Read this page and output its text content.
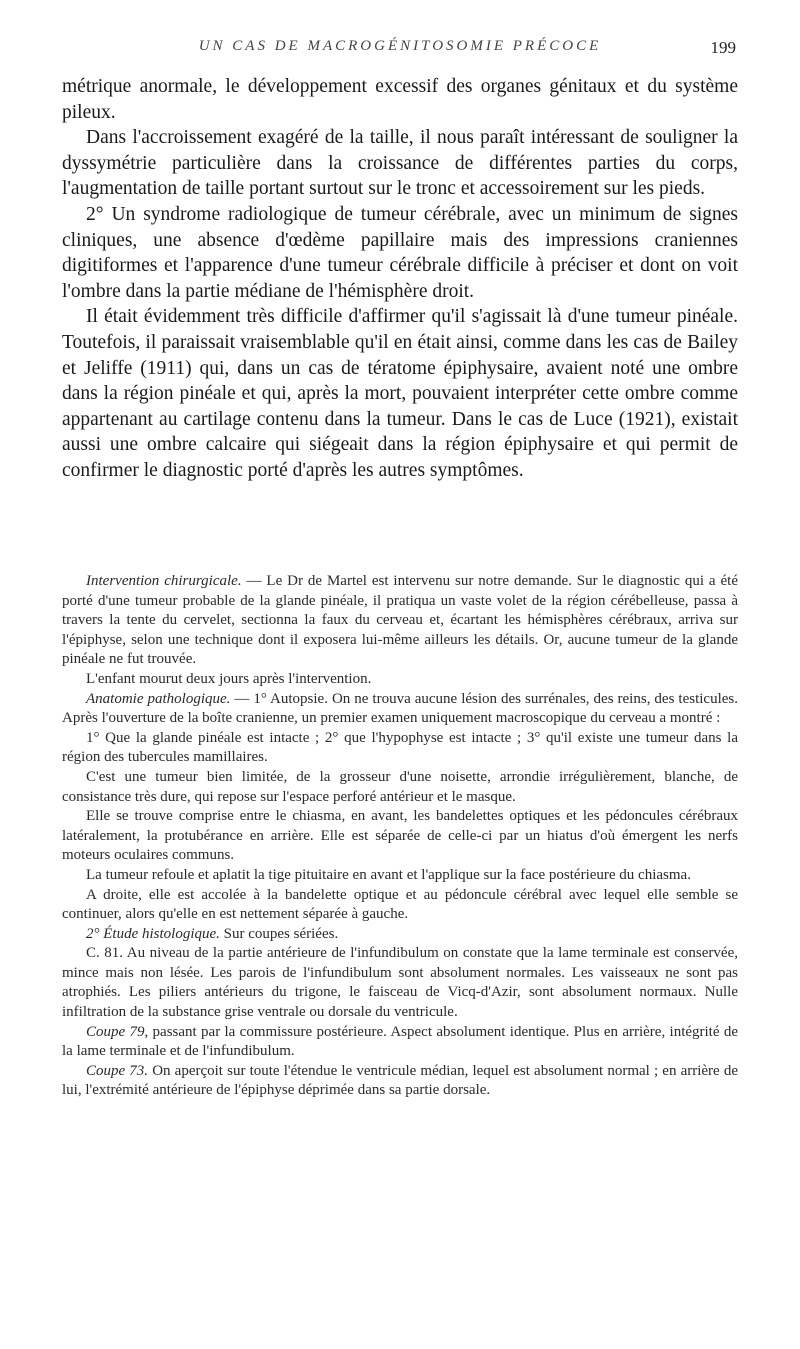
UN CAS DE MACROGÉNITOSOMIE PRÉCOCE	199

métrique anormale, le développement excessif des organes génitaux et du système pileux.

Dans l'accroissement exagéré de la taille, il nous paraît intéressant de souligner la dyssymétrie particulière dans la croissance de différentes parties du corps, l'augmentation de taille portant surtout sur le tronc et accessoirement sur les pieds.

2° Un syndrome radiologique de tumeur cérébrale, avec un minimum de signes cliniques, une absence d'œdème papillaire mais des impressions craniennes digitiformes et l'apparence d'une tumeur cérébrale difficile à préciser et dont on voit l'ombre dans la partie médiane de l'hémisphère droit.

Il était évidemment très difficile d'affirmer qu'il s'agissait là d'une tumeur pinéale. Toutefois, il paraissait vraisemblable qu'il en était ainsi, comme dans les cas de Bailey et Jeliffe (1911) qui, dans un cas de tératome épiphysaire, avaient noté une ombre dans la région pinéale et qui, après la mort, pouvaient interpréter cette ombre comme appartenant au cartilage contenu dans la tumeur. Dans le cas de Luce (1921), existait aussi une ombre calcaire qui siégeait dans la région épiphysaire et qui permit de confirmer le diagnostic porté d'après les autres symptômes.

Intervention chirurgicale. — Le Dr de Martel est intervenu sur notre demande. Sur le diagnostic qui a été porté d'une tumeur probable de la glande pinéale, il pratiqua un vaste volet de la région cérébelleuse, passa à travers la tente du cervelet, sectionna la faux du cerveau et, écartant les hémisphères cérébraux, arriva sur l'épiphyse, selon une technique dont il exposera lui-même ailleurs les détails. Or, aucune tumeur de la glande pinéale ne fut trouvée.

L'enfant mourut deux jours après l'intervention.

Anatomie pathologique. — 1° Autopsie. On ne trouva aucune lésion des surrénales, des reins, des testicules. Après l'ouverture de la boîte cranienne, un premier examen uniquement macroscopique du cerveau a montré :

1° Que la glande pinéale est intacte ; 2° que l'hypophyse est intacte ; 3° qu'il existe une tumeur dans la région des tubercules mamillaires.

C'est une tumeur bien limitée, de la grosseur d'une noisette, arrondie irrégulièrement, blanche, de consistance très dure, qui repose sur l'espace perforé antérieur et le masque.

Elle se trouve comprise entre le chiasma, en avant, les bandelettes optiques et les pédoncules cérébraux latéralement, la protubérance en arrière. Elle est séparée de celle-ci par un hiatus d'où émergent les nerfs moteurs oculaires communs.

La tumeur refoule et aplatit la tige pituitaire en avant et l'applique sur la face postérieure du chiasma.

A droite, elle est accolée à la bandelette optique et au pédoncule cérébral avec lequel elle semble se continuer, alors qu'elle en est nettement séparée à gauche.

2° Étude histologique. Sur coupes sériées.

C. 81. Au niveau de la partie antérieure de l'infundibulum on constate que la lame terminale est conservée, mince mais non lésée. Les parois de l'infundibulum sont absolument normales. Les vaisseaux ne sont pas atrophiés. Les piliers antérieurs du trigone, le faisceau de Vicq-d'Azir, sont absolument normaux. Nulle infiltration de la substance grise ventrale ou dorsale du ventricule.

Coupe 79, passant par la commissure postérieure. Aspect absolument identique. Plus en arrière, intégrité de la lame terminale et de l'infundibulum.

Coupe 73. On aperçoit sur toute l'étendue le ventricule médian, lequel est absolument normal ; en arrière de lui, l'extrémité antérieure de l'épiphyse déprimée dans sa partie dorsale.
